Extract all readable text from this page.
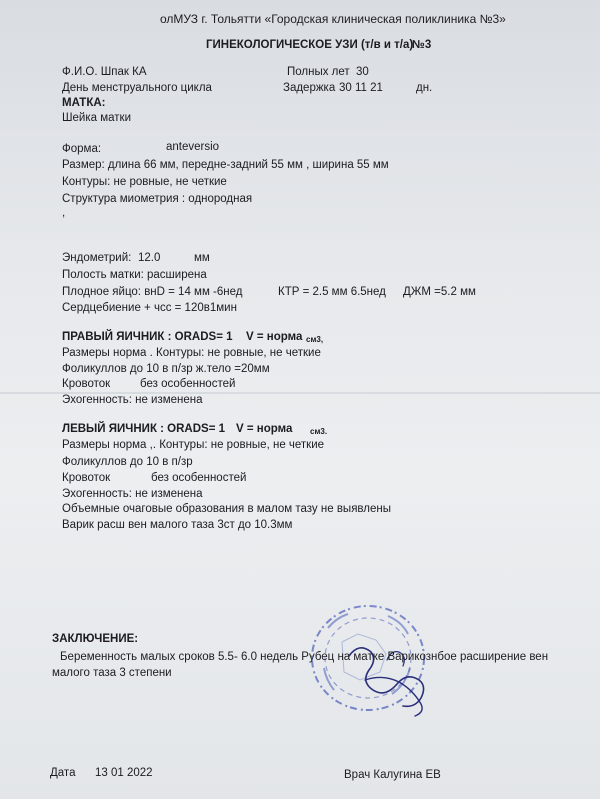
олМУЗ г. Тольятти «Городская клиническая поликлиника №3»
ГИНЕКОЛОГИЧЕСКОЕ УЗИ (т/в и т/а)
№3
Ф.И.О. Шпак КА	Полных лет 30
День менструального цикла	Задержка 30 11 21	дн.
МАТКА:
Шейка матки
Форма:	anteversio
Размер: длина 66 мм, передне-задний 55 мм , ширина 55 мм
Контуры: не ровные, не четкие
Структура миометрия : однородная
,
Эндометрий: 12.0	мм
Полость матки: расширена
Плодное яйцо: внD = 14 мм -6нед	КТР = 2.5 мм 6.5нед ДЖМ =5.2 мм
Сердцебиение + чсс = 120в1мин
ПРАВЫЙ ЯИЧНИК : ORADS= 1 V = норма см3,
Размеры норма . Контуры: не ровные, не четкие
Фоликуллов до 10 в п/зр ж.тело =20мм
Кровоток	без особенностей
Эхогенность: не изменена
ЛЕВЫЙ ЯИЧНИК : ORADS= 1 V = норма см3.
Размеры норма ,. Контуры: не ровные, не четкие
Фоликуллов до 10 в п/зр
Кровоток	без особенностей
Эхогенность: не изменена
Объемные очаговые образования в малом тазу не выявлены
Варик расш вен малого таза 3ст до 10.3мм
ЗАКЛЮЧЕНИЕ:
Беременность малых сроков 5.5- 6.0 недель Рубец на матке Варикознбое расширение вен
малого таза 3 степени
Дата 13 01 2022	Врач Калугина ЕВ
